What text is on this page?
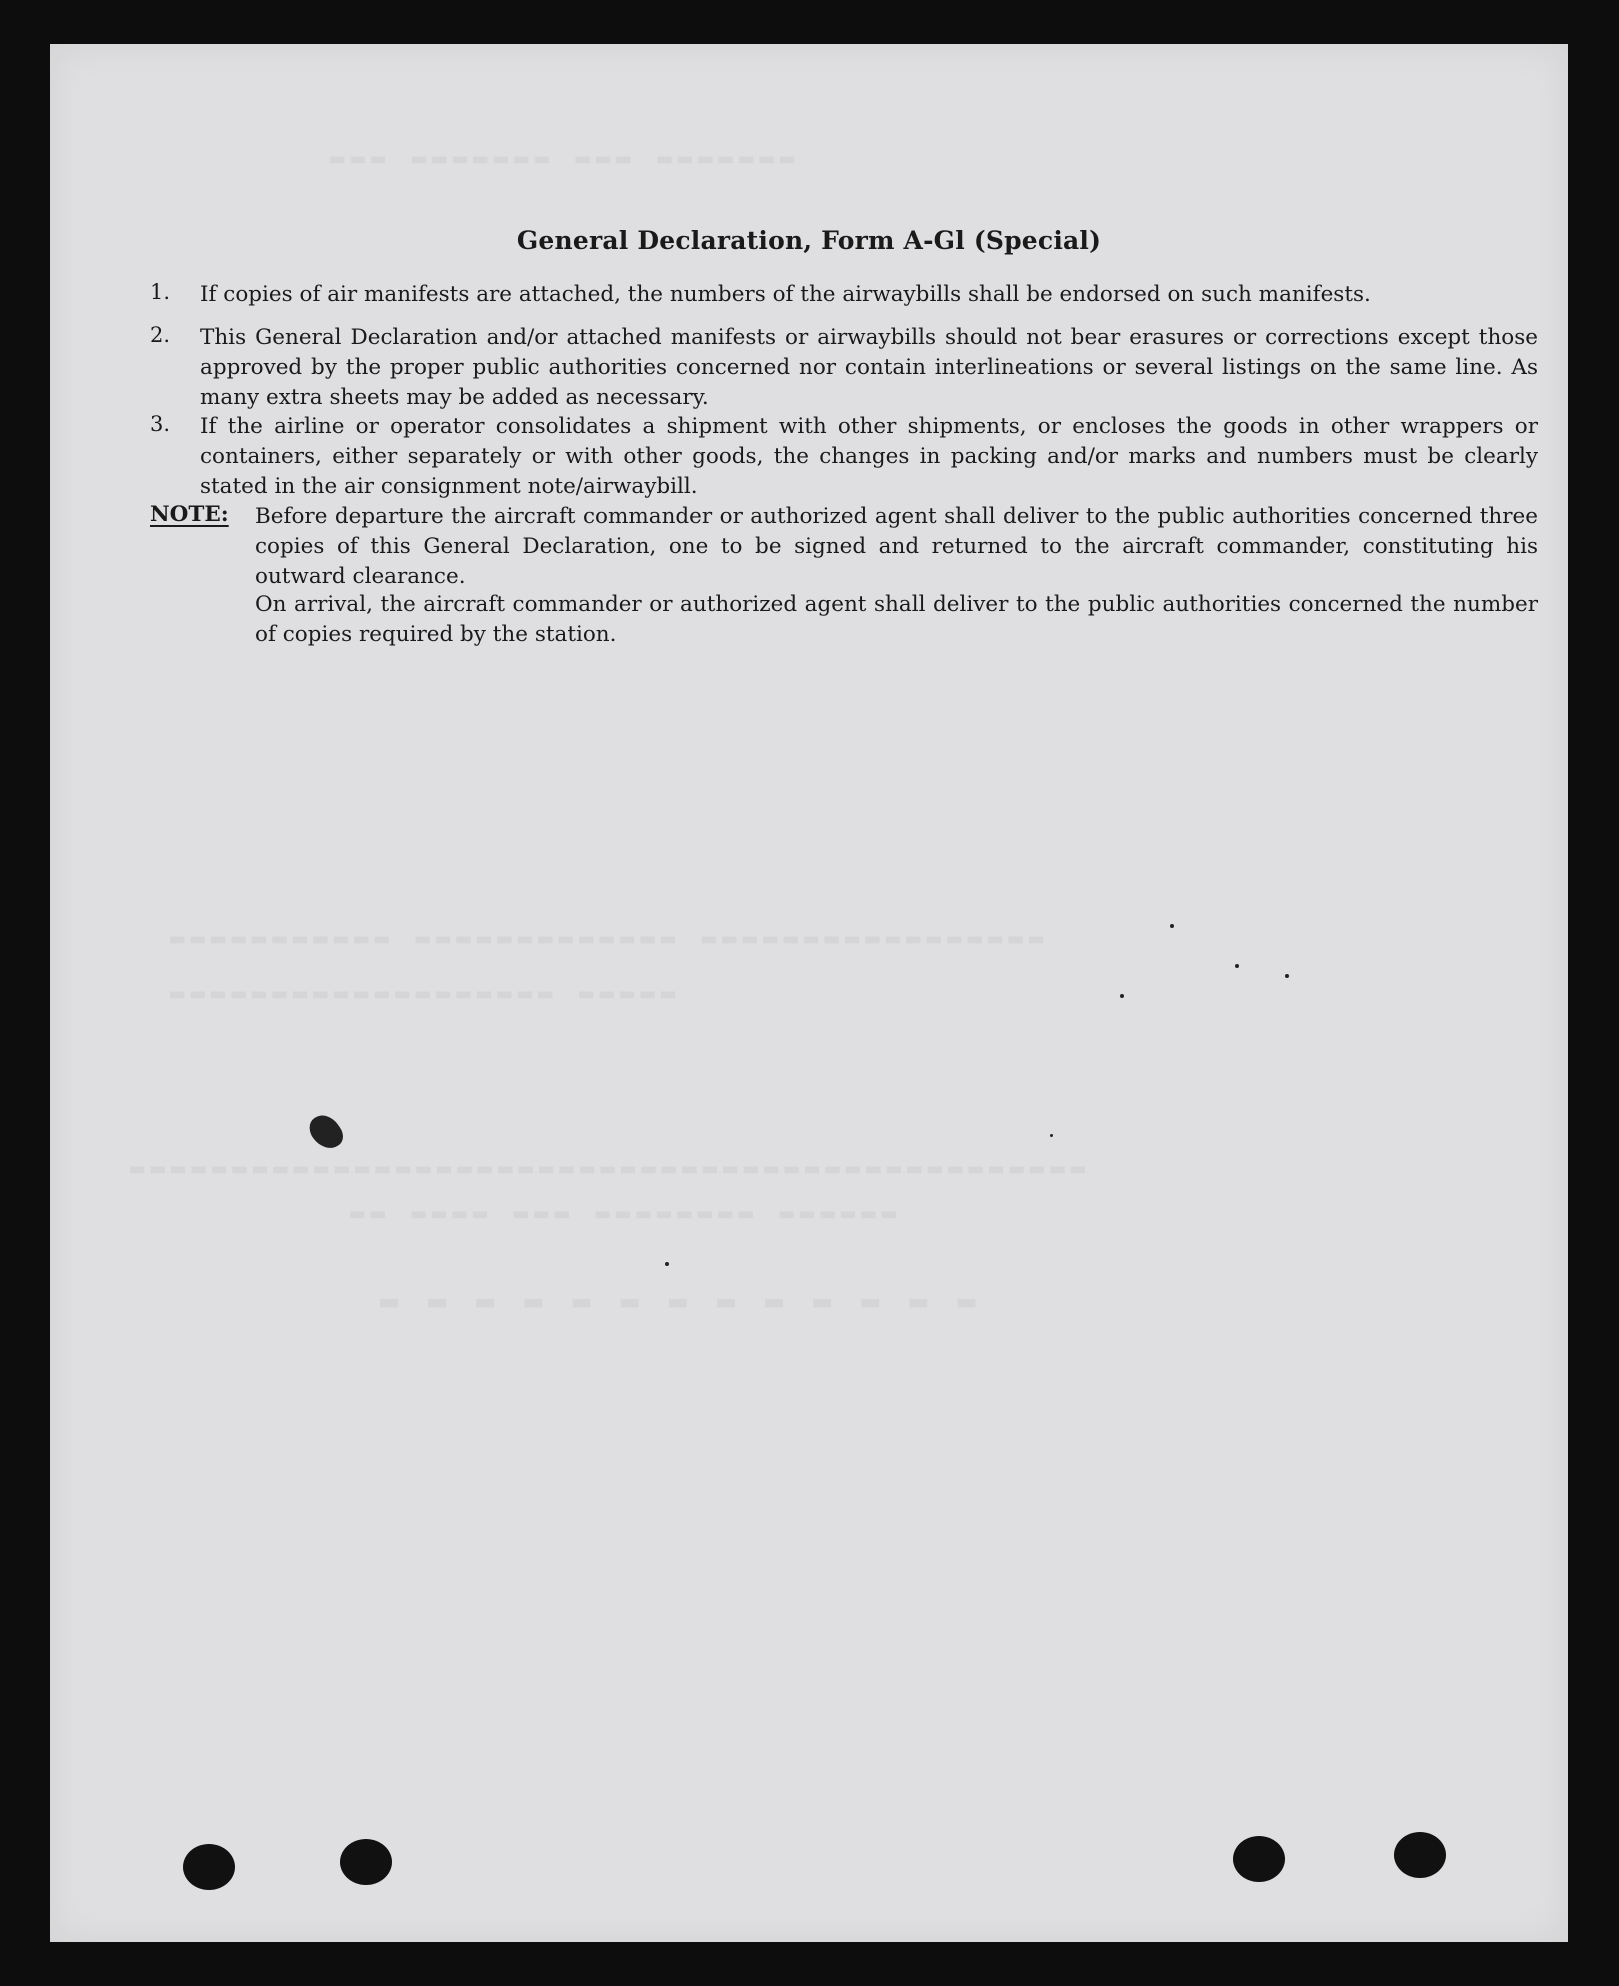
General Declaration, Form A-Gl (Special)
1. If copies of air manifests are attached, the numbers of the airwaybills shall be endorsed on such manifests.
2. This General Declaration and/or attached manifests or airwaybills should not bear erasures or corrections except those approved by the proper public authorities concerned nor contain interlineations or several listings on the same line. As many extra sheets may be added as necessary.
3. If the airline or operator consolidates a shipment with other shipments, or encloses the goods in other wrappers or containers, either separately or with other goods, the changes in packing and/or marks and numbers must be clearly stated in the air consignment note/airwaybill.
NOTE: Before departure the aircraft commander or authorized agent shall deliver to the public authorities concerned three copies of this General Declaration, one to be signed and returned to the aircraft commander, constituting his outward clearance.
On arrival, the aircraft commander or authorized agent shall deliver to the public authorities concerned the number of copies required by the station.
